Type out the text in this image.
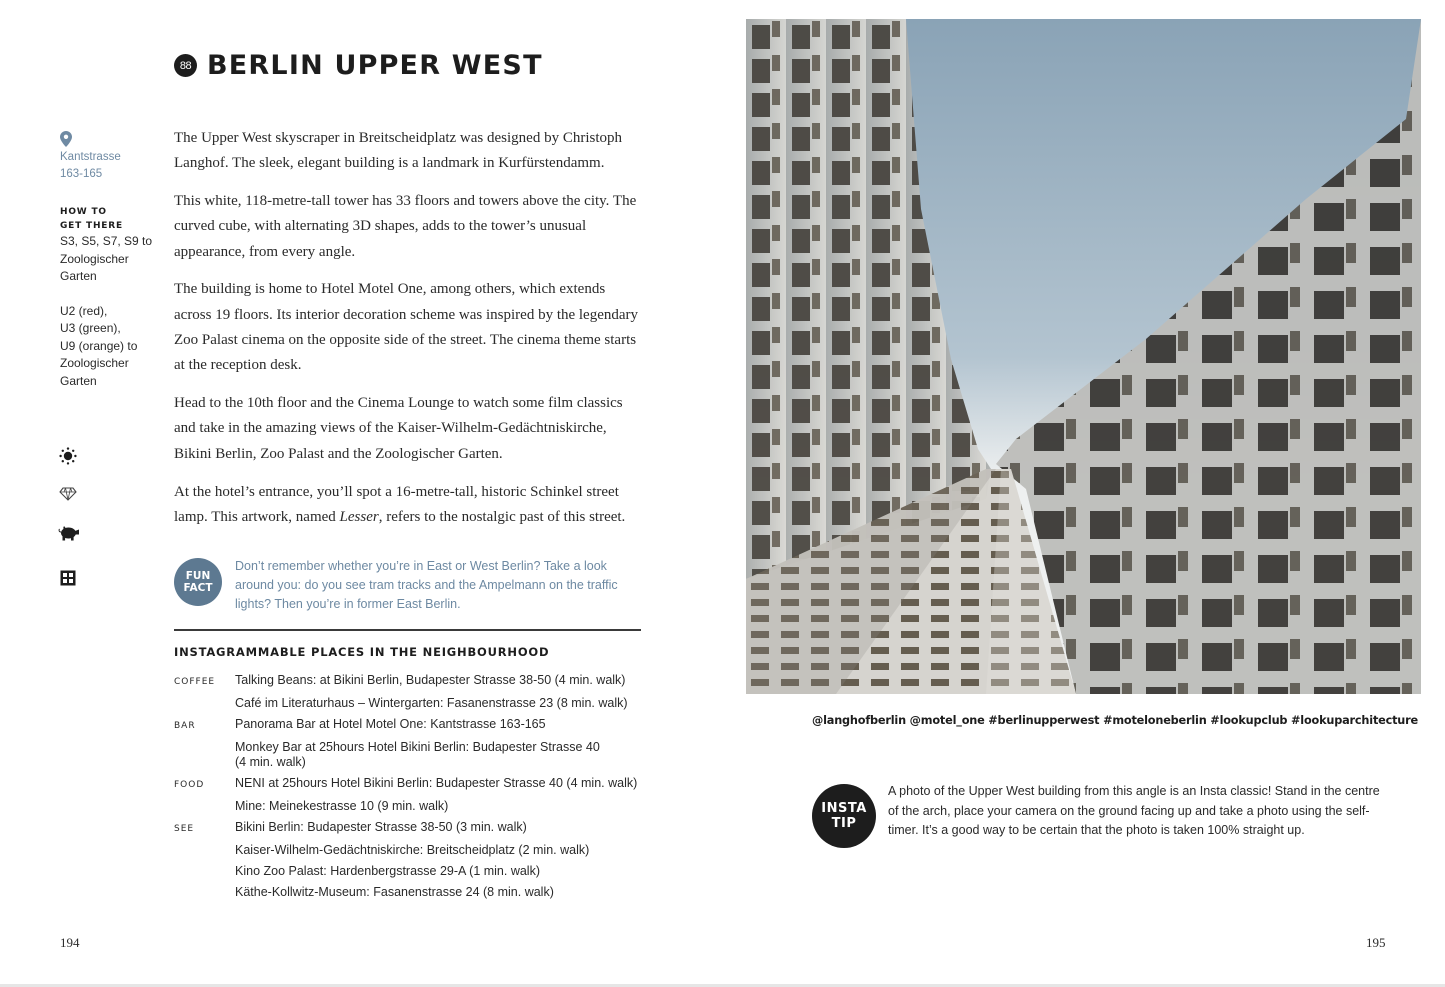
88 BERLIN UPPER WEST
Kantstrasse
163-165
HOW TO
GET THERE
S3, S5, S7, S9 to
Zoologischer
Garten
U2 (red),
U3 (green),
U9 (orange) to
Zoologischer
Garten

The Upper West skyscraper in Breitscheidplatz was designed by Christoph Langhof. The sleek, elegant building is a landmark in Kurfürstendamm.

This white, 118-metre-tall tower has 33 floors and towers above the city. The curved cube, with alternating 3D shapes, adds to the tower’s unusual appearance, from every angle.

The building is home to Hotel Motel One, among others, which extends across 19 floors. Its interior decoration scheme was inspired by the legendary Zoo Palast cinema on the opposite side of the street. The cinema theme starts at the reception desk.

Head to the 10th floor and the Cinema Lounge to watch some film classics and take in the amazing views of the Kaiser-Wilhelm-Gedächtniskirche, Bikini Berlin, Zoo Palast and the Zoologischer Garten.

At the hotel’s entrance, you’ll spot a 16-metre-tall, historic Schinkel street lamp. This artwork, named Lesser, refers to the nostalgic past of this street.

FUN
FACT
Don’t remember whether you’re in East or West Berlin? Take a look around you: do you see tram tracks and the Ampelmann on the traffic lights? Then you’re in former East Berlin.
INSTAGRAMMABLE PLACES IN THE NEIGHBOURHOOD
COFFEE	Talking Beans: at Bikini Berlin, Budapester Strasse 38-50 (4 min. walk)
Café im Literaturhaus – Wintergarten: Fasanenstrasse 23 (8 min. walk)
BAR	Panorama Bar at Hotel Motel One: Kantstrasse 163-165
Monkey Bar at 25hours Hotel Bikini Berlin: Budapester Strasse 40 (4 min. walk)
FOOD	NENI at 25hours Hotel Bikini Berlin: Budapester Strasse 40 (4 min. walk)
Mine: Meinekestrasse 10 (9 min. walk)
SEE	Bikini Berlin: Budapester Strasse 38-50 (3 min. walk)
Kaiser-Wilhelm-Gedächtniskirche: Breitscheidplatz (2 min. walk)
Kino Zoo Palast: Hardenbergstrasse 29-A (1 min. walk)
Käthe-Kollwitz-Museum: Fasanenstrasse 24 (8 min. walk)
194
@langhofberlin @motel_one #berlinupperwest #moteloneberlin #lookupclub #lookuparchitecture
INSTA
TIP
A photo of the Upper West building from this angle is an Insta classic! Stand in the centre of the arch, place your camera on the ground facing up and take a photo using the self-timer. It’s a good way to be certain that the photo is taken 100% straight up.
195
